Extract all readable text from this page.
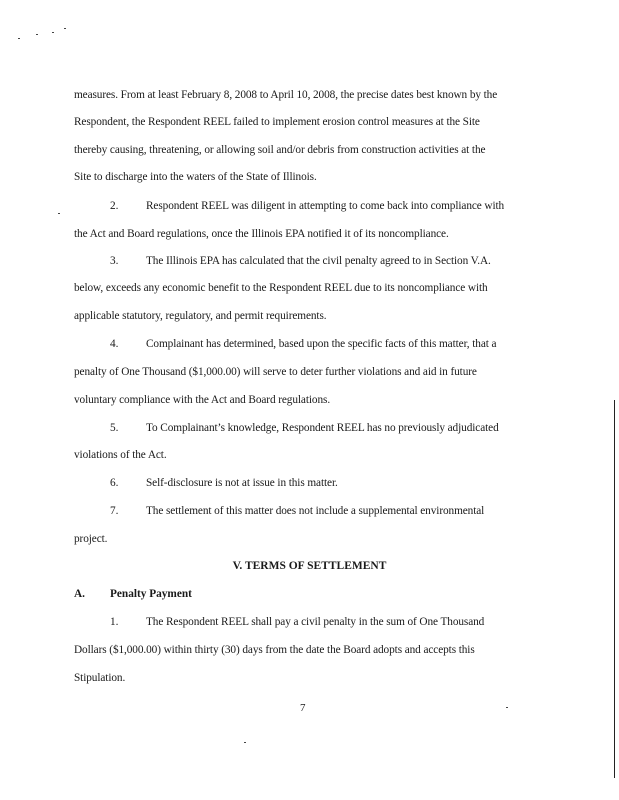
measures. From at least February 8, 2008 to April 10, 2008, the precise dates best known by the
Respondent, the Respondent REEL failed to implement erosion control measures at the Site
thereby causing, threatening, or allowing soil and/or debris from construction activities at the
Site to discharge into the waters of the State of Illinois.
2. Respondent REEL was diligent in attempting to come back into compliance with
the Act and Board regulations, once the Illinois EPA notified it of its noncompliance.
3. The Illinois EPA has calculated that the civil penalty agreed to in Section V.A.
below, exceeds any economic benefit to the Respondent REEL due to its noncompliance with
applicable statutory, regulatory, and permit requirements.
4. Complainant has determined, based upon the specific facts of this matter, that a
penalty of One Thousand ($1,000.00) will serve to deter further violations and aid in future
voluntary compliance with the Act and Board regulations.
5. To Complainant’s knowledge, Respondent REEL has no previously adjudicated
violations of the Act.
6. Self-disclosure is not at issue in this matter.
7. The settlement of this matter does not include a supplemental environmental
project.
V. TERMS OF SETTLEMENT
A. Penalty Payment
1. The Respondent REEL shall pay a civil penalty in the sum of One Thousand
Dollars ($1,000.00) within thirty (30) days from the date the Board adopts and accepts this
Stipulation.
7
